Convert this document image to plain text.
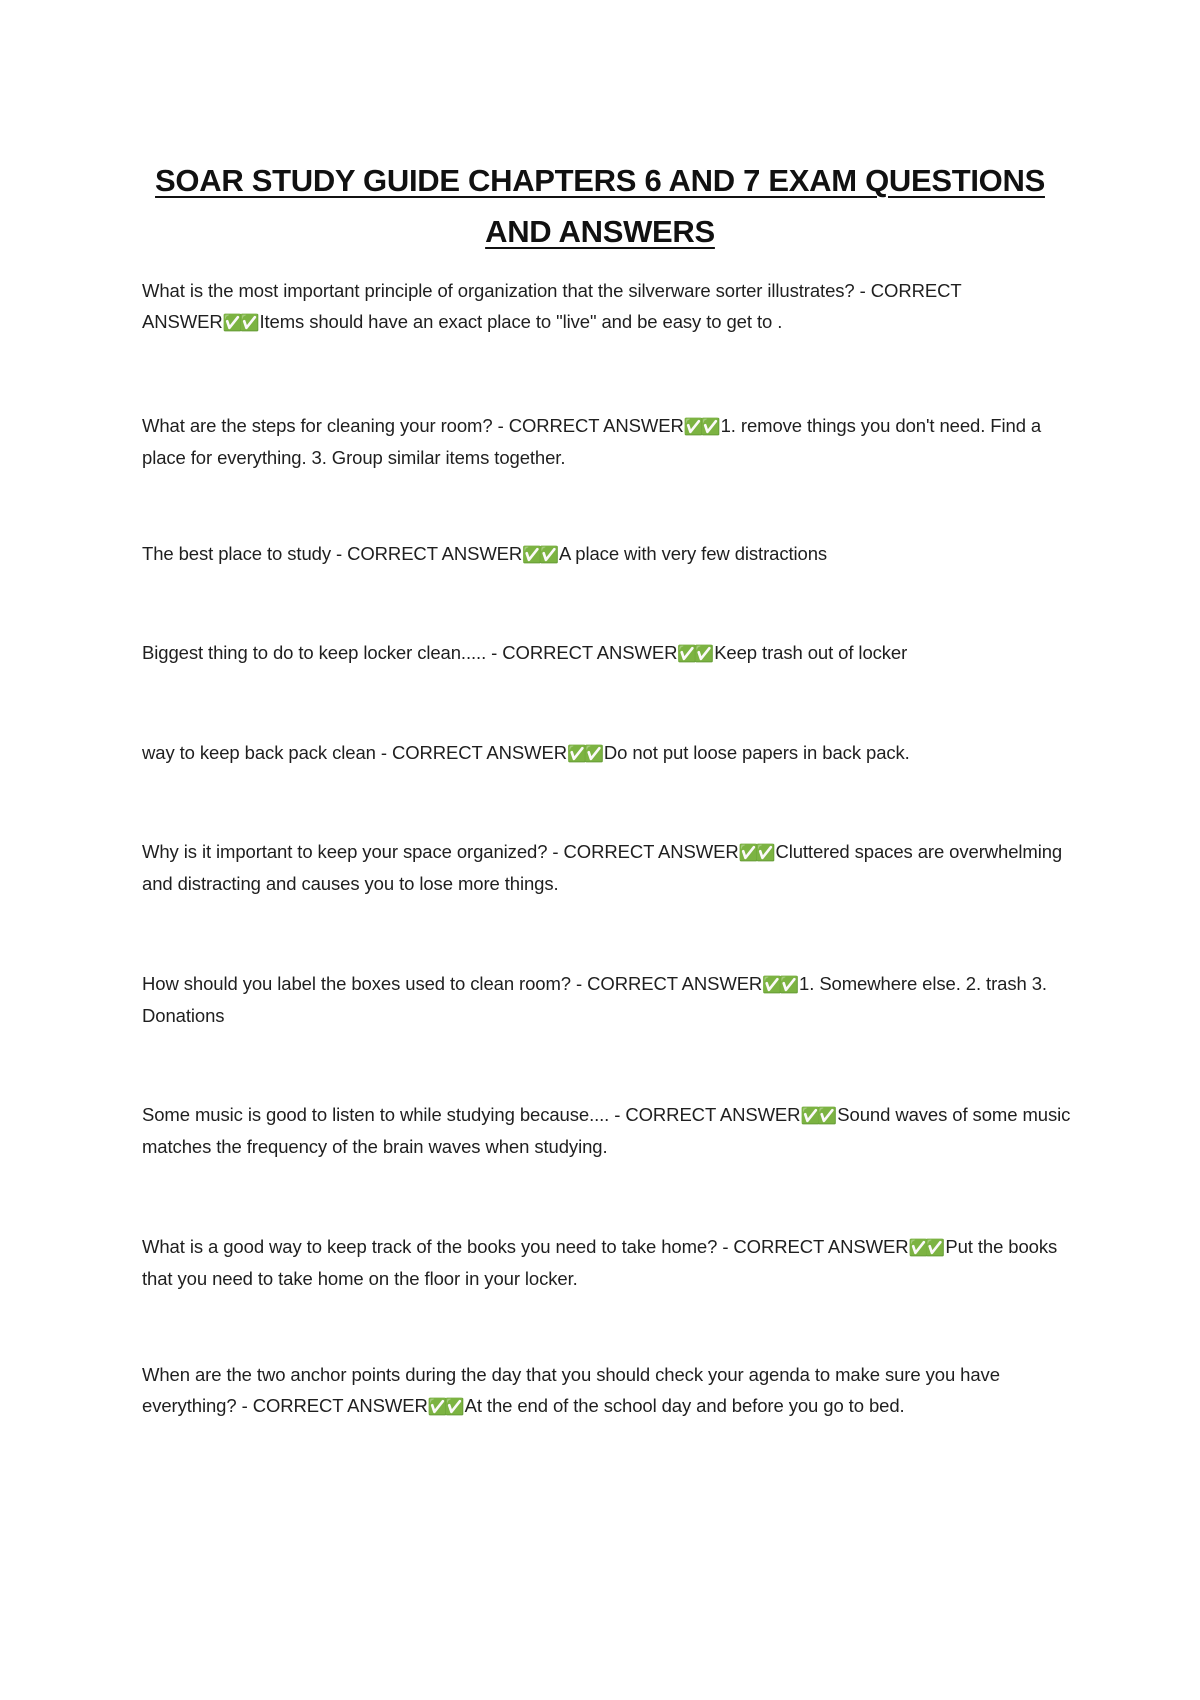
SOAR STUDY GUIDE CHAPTERS 6 AND 7 EXAM QUESTIONS AND ANSWERS

What is the most important principle of organization that the silverware sorter illustrates? - CORRECT ANSWER✅✅ Items should have an exact place to "live" and be easy to get to .

What are the steps for cleaning your room? - CORRECT ANSWER✅✅ 1. remove things you don't need. Find a place for everything. 3. Group similar items together.

The best place to study - CORRECT ANSWER✅✅ A place with very few distractions

Biggest thing to do to keep locker clean..... - CORRECT ANSWER✅✅ Keep trash out of locker

way to keep back pack clean - CORRECT ANSWER✅✅ Do not put loose papers in back pack.

Why is it important to keep your space organized? - CORRECT ANSWER✅✅ Cluttered spaces are overwhelming and distracting and causes you to lose more things.

How should you label the boxes used to clean room? - CORRECT ANSWER✅✅ 1. Somewhere else. 2. trash 3. Donations

Some music is good to listen to while studying because.... - CORRECT ANSWER✅✅ Sound waves of some music matches the frequency of the brain waves when studying.

What is a good way to keep track of the books you need to take home? - CORRECT ANSWER✅✅ Put the books that you need to take home on the floor in your locker.

When are the two anchor points during the day that you should check your agenda to make sure you have everything? - CORRECT ANSWER✅✅ At the end of the school day and before you go to bed.
